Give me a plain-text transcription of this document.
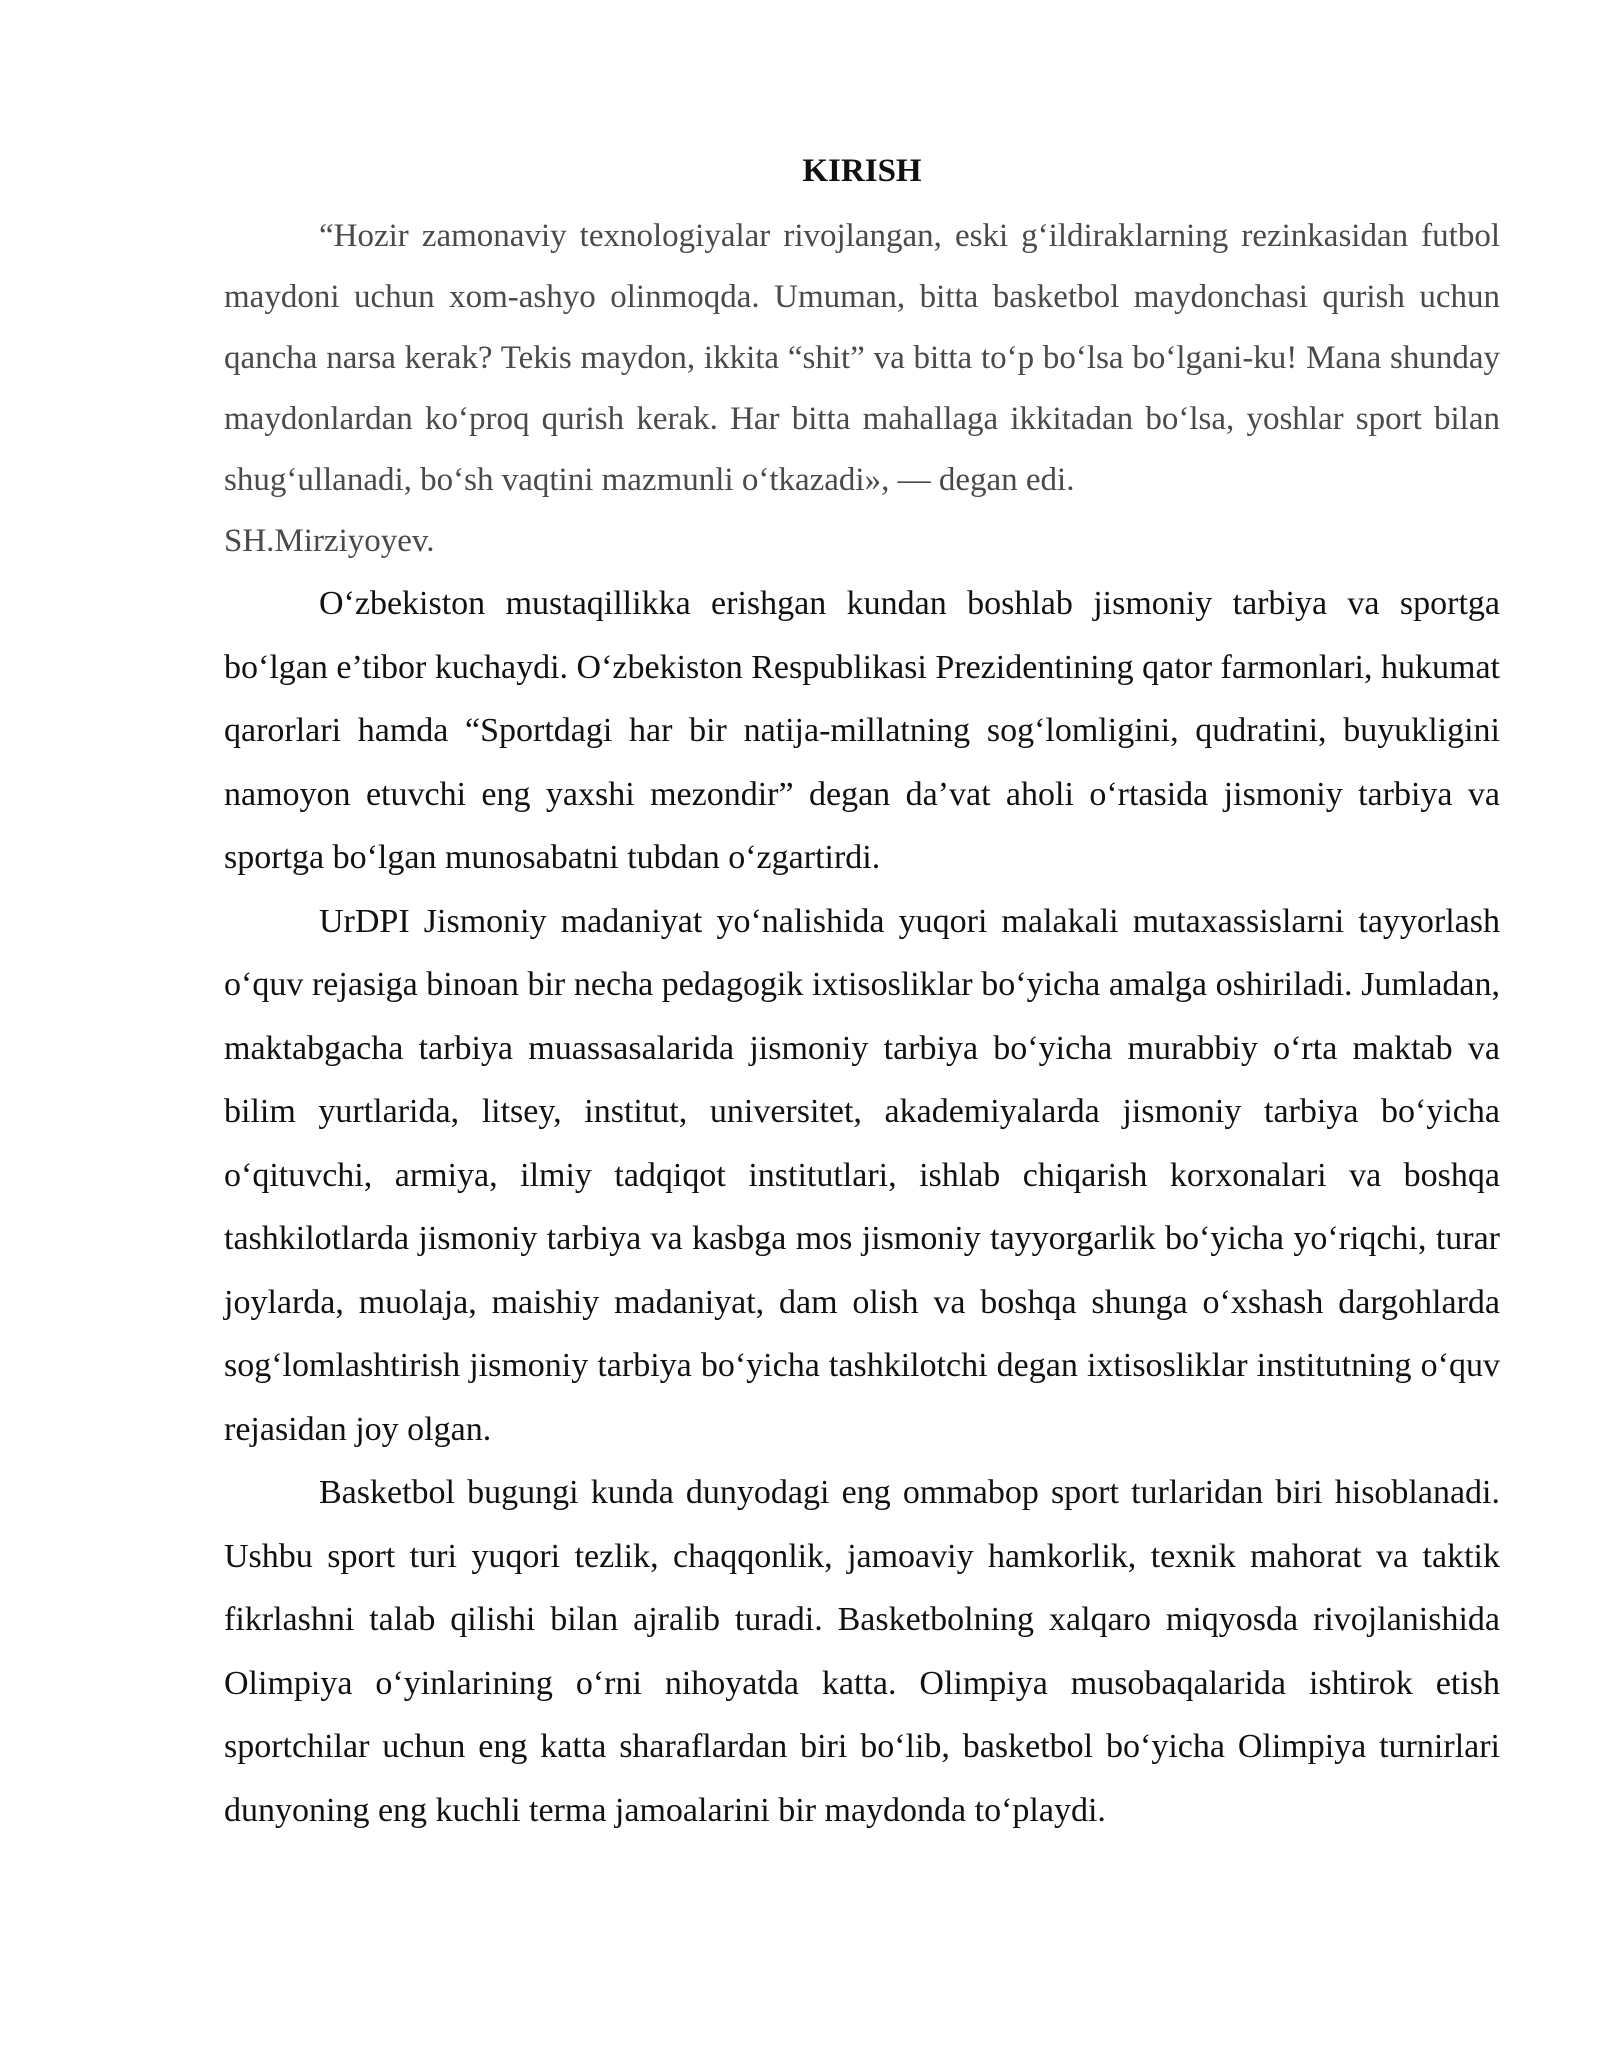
KIRISH

“Hozir zamonaviy texnologiyalar rivojlangan, eski g‘ildiraklarning rezinkasidan futbol maydoni uchun xom-ashyo olinmoqda. Umuman, bitta basketbol maydonchasi qurish uchun qancha narsa kerak? Tekis maydon, ikkita “shit” va bitta to‘p bo‘lsa bo‘lgani-ku! Mana shunday maydonlardan ko‘proq qurish kerak. Har bitta mahallaga ikkitadan bo‘lsa, yoshlar sport bilan shug‘ullanadi, bo‘sh vaqtini mazmunli o‘tkazadi», — degan edi.

SH.Mirziyoyev.

O‘zbekiston mustaqillikka erishgan kundan boshlab jismoniy tarbiya va sportga bo‘lgan e’tibor kuchaydi. O‘zbekiston Respublikasi Prezidentining qator farmonlari, hukumat qarorlari hamda “Sportdagi har bir natija-millatning sog‘lomligini, qudratini, buyukligini namoyon etuvchi eng yaxshi mezondir” degan da’vat aholi o‘rtasida jismoniy tarbiya va sportga bo‘lgan munosabatni tubdan o‘zgartirdi.

UrDPI Jismoniy madaniyat yo‘nalishida yuqori malakali mutaxassislarni tayyorlash o‘quv rejasiga binoan bir necha pedagogik ixtisosliklar bo‘yicha amalga oshiriladi. Jumladan, maktabgacha tarbiya muassasalarida jismoniy tarbiya bo‘yicha murabbiy o‘rta maktab va bilim yurtlarida, litsey, institut, universitet, akademiyalarda jismoniy tarbiya bo‘yicha o‘qituvchi, armiya, ilmiy tadqiqot institutlari, ishlab chiqarish korxonalari va boshqa tashkilotlarda jismoniy tarbiya va kasbga mos jismoniy tayyorgarlik bo‘yicha yo‘riqchi, turar joylarda, muolaja, maishiy madaniyat, dam olish va boshqa shunga o‘xshash dargohlarda sog‘lomlashtirish jismoniy tarbiya bo‘yicha tashkilotchi degan ixtisosliklar institutning o‘quv rejasidan joy olgan.

Basketbol bugungi kunda dunyodagi eng ommabop sport turlaridan biri hisoblanadi. Ushbu sport turi yuqori tezlik, chaqqonlik, jamoaviy hamkorlik, texnik mahorat va taktik fikrlashni talab qilishi bilan ajralib turadi. Basketbolning xalqaro miqyosda rivojlanishida Olimpiya o‘yinlarining o‘rni nihoyatda katta. Olimpiya musobaqalarida ishtirok etish sportchilar uchun eng katta sharaflardan biri bo‘lib, basketbol bo‘yicha Olimpiya turnirlari dunyoning eng kuchli terma jamoalarini bir maydonda to‘playdi.
